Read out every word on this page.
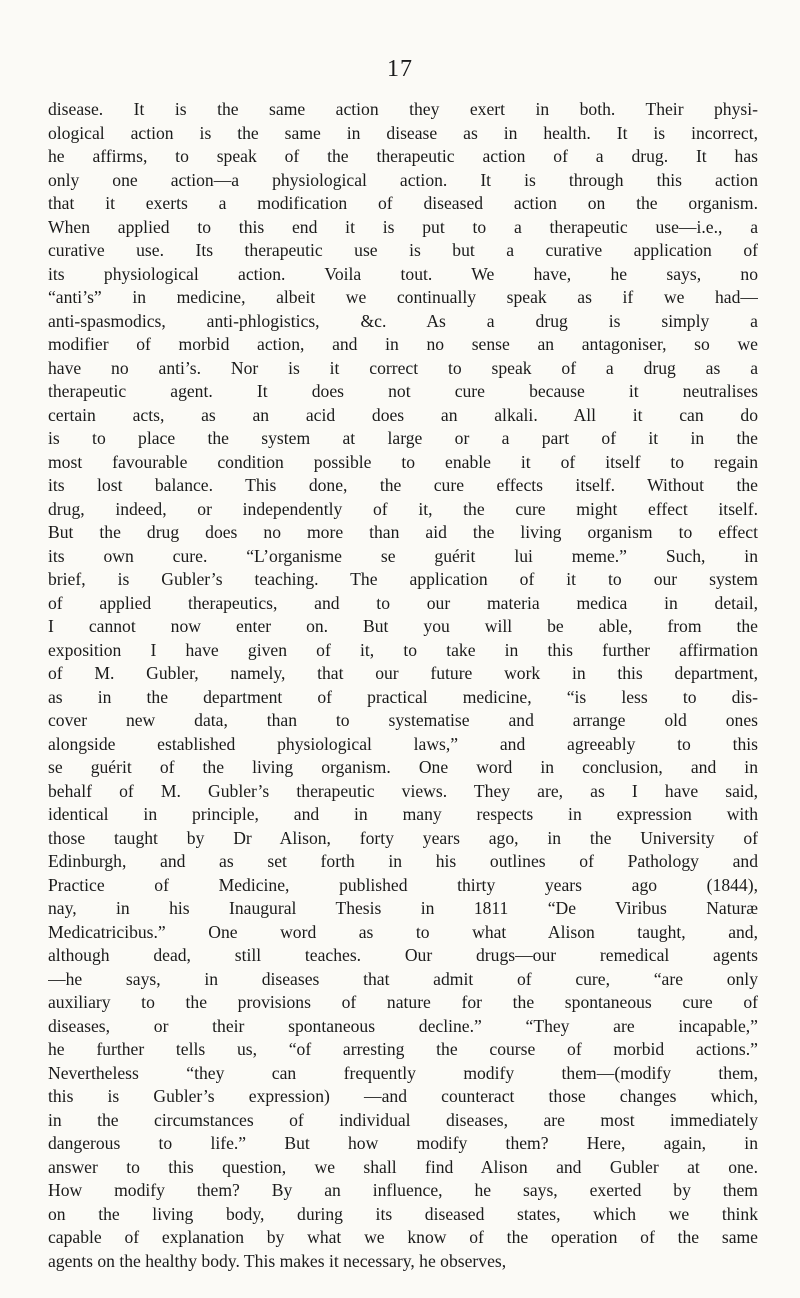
17
disease. It is the same action they exert in both. Their physi-
ological action is the same in disease as in health. It is incorrect,
he affirms, to speak of the therapeutic action of a drug. It has
only one action—a physiological action. It is through this action
that it exerts a modification of diseased action on the organism.
When applied to this end it is put to a therapeutic use—i.e., a
curative use. Its therapeutic use is but a curative application of
its physiological action. Voila tout. We have, he says, no
“anti’s” in medicine, albeit we continually speak as if we had—
anti-spasmodics, anti-phlogistics, &c. As a drug is simply a
modifier of morbid action, and in no sense an antagoniser, so we
have no anti’s. Nor is it correct to speak of a drug as a
therapeutic agent. It does not cure because it neutralises
certain acts, as an acid does an alkali. All it can do
is to place the system at large or a part of it in the
most favourable condition possible to enable it of itself to regain
its lost balance. This done, the cure effects itself. Without the
drug, indeed, or independently of it, the cure might effect itself.
But the drug does no more than aid the living organism to effect
its own cure. “L’organisme se guérit lui meme.” Such, in
brief, is Gubler’s teaching. The application of it to our system
of applied therapeutics, and to our materia medica in detail,
I cannot now enter on. But you will be able, from the
exposition I have given of it, to take in this further affirmation
of M. Gubler, namely, that our future work in this department,
as in the department of practical medicine, “is less to dis-
cover new data, than to systematise and arrange old ones
alongside established physiological laws,” and agreeably to this
se guérit of the living organism. One word in conclusion, and in
behalf of M. Gubler’s therapeutic views. They are, as I have said,
identical in principle, and in many respects in expression with
those taught by Dr Alison, forty years ago, in the University of
Edinburgh, and as set forth in his outlines of Pathology and
Practice of Medicine, published thirty years ago (1844),
nay, in his Inaugural Thesis in 1811 “De Viribus Naturæ
Medicatricibus.” One word as to what Alison taught, and,
although dead, still teaches. Our drugs—our remedical agents
—he says, in diseases that admit of cure, “are only
auxiliary to the provisions of nature for the spontaneous cure of
diseases, or their spontaneous decline.” “They are incapable,”
he further tells us, “of arresting the course of morbid actions.”
Nevertheless “they can frequently modify them—(modify them,
this is Gubler’s expression) —and counteract those changes which,
in the circumstances of individual diseases, are most immediately
dangerous to life.” But how modify them? Here, again, in
answer to this question, we shall find Alison and Gubler at one.
How modify them? By an influence, he says, exerted by them
on the living body, during its diseased states, which we think
capable of explanation by what we know of the operation of the same
agents on the healthy body. This makes it necessary, he observes,
